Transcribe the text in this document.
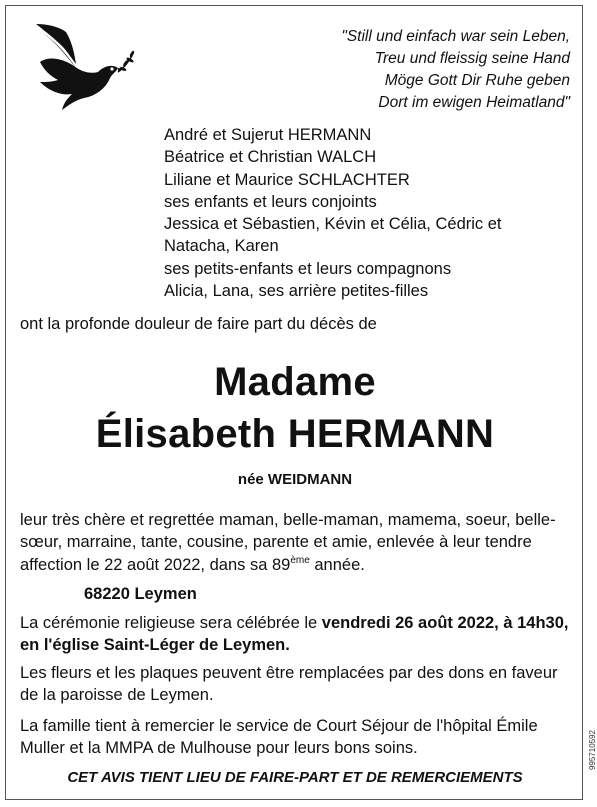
"Still und einfach war sein Leben,
Treu und fleissig seine Hand
Möge Gott Dir Ruhe geben
Dort im ewigen Heimatland"
André et Sujerut HERMANN
Béatrice et Christian WALCH
Liliane et Maurice SCHLACHTER
ses enfants et leurs conjoints
Jessica et Sébastien, Kévin et Célia, Cédric et
Natacha, Karen
ses petits-enfants et leurs compagnons
Alicia, Lana, ses arrière petites-filles
ont la profonde douleur de faire part du décès de
Madame
Élisabeth HERMANN
née WEIDMANN
leur très chère et regrettée maman, belle-maman, mamema, soeur, belle-sœur, marraine, tante, cousine, parente et amie, enlevée à leur tendre affection le 22 août 2022, dans sa 89ème année.
68220 Leymen
La cérémonie religieuse sera célébrée le vendredi 26 août 2022, à 14h30, en l'église Saint-Léger de Leymen.
Les fleurs et les plaques peuvent être remplacées par des dons en faveur de la paroisse de Leymen.
La famille tient à remercier le service de Court Séjour de l'hôpital Émile Muller et la MMPA de Mulhouse pour leurs bons soins.
CET AVIS TIENT LIEU DE FAIRE-PART ET DE REMERCIEMENTS
995710592
